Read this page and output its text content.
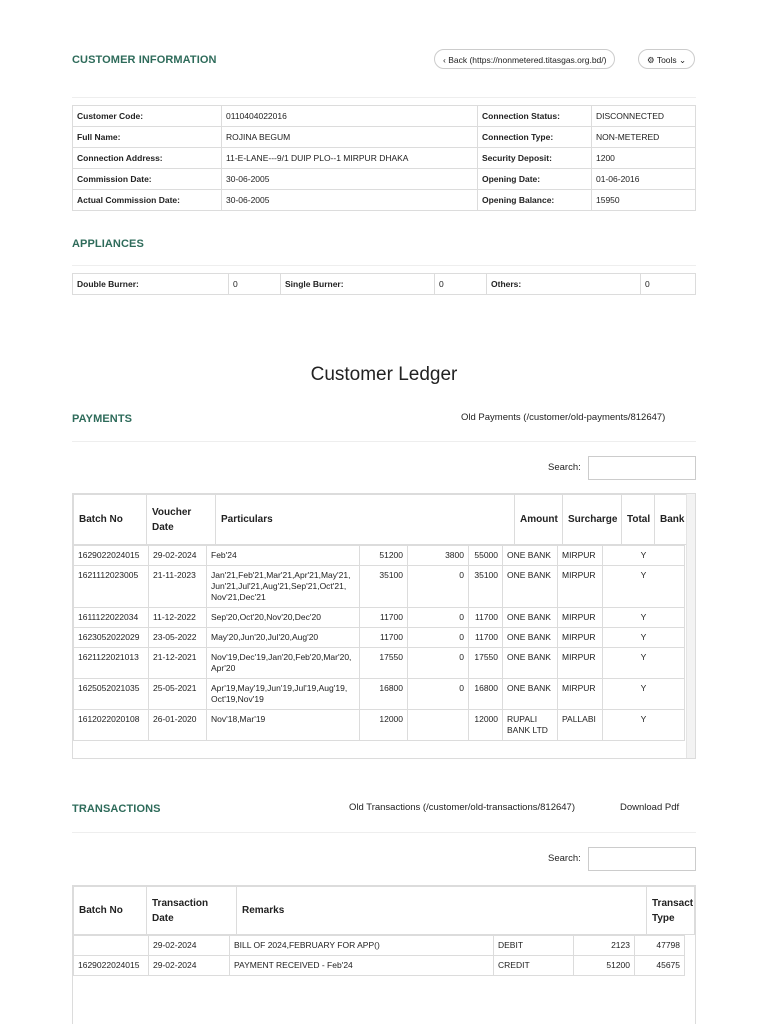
CUSTOMER INFORMATION	‹ Back (https://nonmetered.titasgas.org.bd/)	⚙ Tools ⌄
Customer Code:	0110404022016	Connection Status:	DISCONNECTED
Full Name:	ROJINA BEGUM	Connection Type:	NON-METERED
Connection Address:	11-E-LANE---9/1 DUIP PLO--1 MIRPUR DHAKA	Security Deposit:	1200
Commission Date:	30-06-2005	Opening Date:	01-06-2016
Actual Commission Date:	30-06-2005	Opening Balance:	15950
APPLIANCES
Double Burner:	0	Single Burner:	0	Others:	0
Customer Ledger
PAYMENTS	Old Payments (/customer/old-payments/812647)
Search:
Batch No	Voucher Date	Particulars	Amount	Surcharge	Total	Bank
1629022024015	29-02-2024	Feb'24	51200	3800	55000	ONE BANK	MIRPUR	Y
1621112023005	21-11-2023	Jan'21,Feb'21,Mar'21,Apr'21,May'21, Jun'21,Jul'21,Aug'21,Sep'21,Oct'21, Nov'21,Dec'21	35100	0	35100	ONE BANK	MIRPUR	Y
1611122022034	11-12-2022	Sep'20,Oct'20,Nov'20,Dec'20	11700	0	11700	ONE BANK	MIRPUR	Y
1623052022029	23-05-2022	May'20,Jun'20,Jul'20,Aug'20	11700	0	11700	ONE BANK	MIRPUR	Y
1621122021013	21-12-2021	Nov'19,Dec'19,Jan'20,Feb'20,Mar'20, Apr'20	17550	0	17550	ONE BANK	MIRPUR	Y
1625052021035	25-05-2021	Apr'19,May'19,Jun'19,Jul'19,Aug'19, Oct'19,Nov'19	16800	0	16800	ONE BANK	MIRPUR	Y
1612022020108	26-01-2020	Nov'18,Mar'19	12000		12000	RUPALI BANK LTD	PALLABI	Y
TRANSACTIONS	Old Transactions (/customer/old-transactions/812647)	Download Pdf
Search:
Batch No	Transaction Date	Remarks	Transact Type
	29-02-2024	BILL OF 2024,FEBRUARY FOR APP()	DEBIT	2123	47798
1629022024015	29-02-2024	PAYMENT RECEIVED - Feb'24	CREDIT	51200	45675
